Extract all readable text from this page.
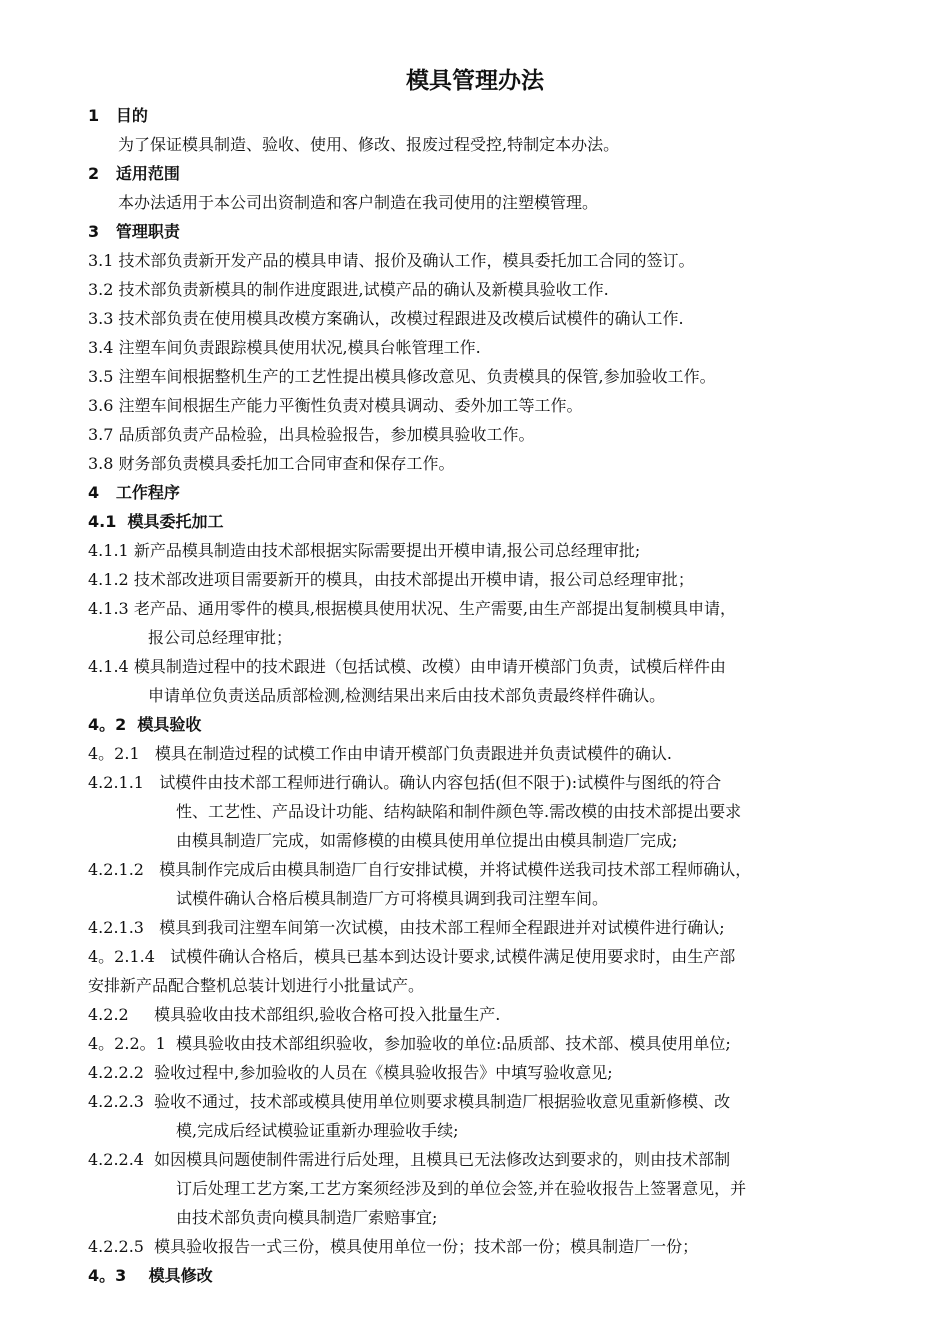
模具管理办法
1 目的
为了保证模具制造、验收、使用、修改、报废过程受控,特制定本办法。
2 适用范围
本办法适用于本公司出资制造和客户制造在我司使用的注塑模管理。
3 管理职责
3.1 技术部负责新开发产品的模具申请、报价及确认工作，模具委托加工合同的签订。
3.2 技术部负责新模具的制作进度跟进,试模产品的确认及新模具验收工作.
3.3 技术部负责在使用模具改模方案确认，改模过程跟进及改模后试模件的确认工作.
3.4 注塑车间负责跟踪模具使用状况,模具台帐管理工作.
3.5 注塑车间根据整机生产的工艺性提出模具修改意见、负责模具的保管,参加验收工作。
3.6 注塑车间根据生产能力平衡性负责对模具调动、委外加工等工作。
3.7 品质部负责产品检验，出具检验报告，参加模具验收工作。
3.8 财务部负责模具委托加工合同审查和保存工作。
4 工作程序
4.1 模具委托加工
4.1.1 新产品模具制造由技术部根据实际需要提出开模申请,报公司总经理审批;
4.1.2 技术部改进项目需要新开的模具，由技术部提出开模申请，报公司总经理审批；
4.1.3 老产品、通用零件的模具,根据模具使用状况、生产需要,由生产部提出复制模具申请，
报公司总经理审批；
4.1.4 模具制造过程中的技术跟进（包括试模、改模）由申请开模部门负责，试模后样件由
申请单位负责送品质部检测,检测结果出来后由技术部负责最终样件确认。
4。2 模具验收
4。2.1 模具在制造过程的试模工作由申请开模部门负责跟进并负责试模件的确认.
4.2.1.1 试模件由技术部工程师进行确认。确认内容包括(但不限于):试模件与图纸的符合
性、工艺性、产品设计功能、结构缺陷和制件颜色等.需改模的由技术部提出要求
由模具制造厂完成，如需修模的由模具使用单位提出由模具制造厂完成;
4.2.1.2 模具制作完成后由模具制造厂自行安排试模，并将试模件送我司技术部工程师确认，
试模件确认合格后模具制造厂方可将模具调到我司注塑车间。
4.2.1.3 模具到我司注塑车间第一次试模，由技术部工程师全程跟进并对试模件进行确认;
4。2.1.4 试模件确认合格后，模具已基本到达设计要求,试模件满足使用要求时，由生产部
安排新产品配合整机总装计划进行小批量试产。
4.2.2 模具验收由技术部组织,验收合格可投入批量生产.
4。2.2。1 模具验收由技术部组织验收，参加验收的单位:品质部、技术部、模具使用单位;
4.2.2.2 验收过程中,参加验收的人员在《模具验收报告》中填写验收意见;
4.2.2.3 验收不通过，技术部或模具使用单位则要求模具制造厂根据验收意见重新修模、改
模,完成后经试模验证重新办理验收手续;
4.2.2.4 如因模具问题使制件需进行后处理，且模具已无法修改达到要求的，则由技术部制
订后处理工艺方案,工艺方案须经涉及到的单位会签,并在验收报告上签署意见，并
由技术部负责向模具制造厂索赔事宜;
4.2.2.5 模具验收报告一式三份，模具使用单位一份；技术部一份；模具制造厂一份；
4。3 模具修改
